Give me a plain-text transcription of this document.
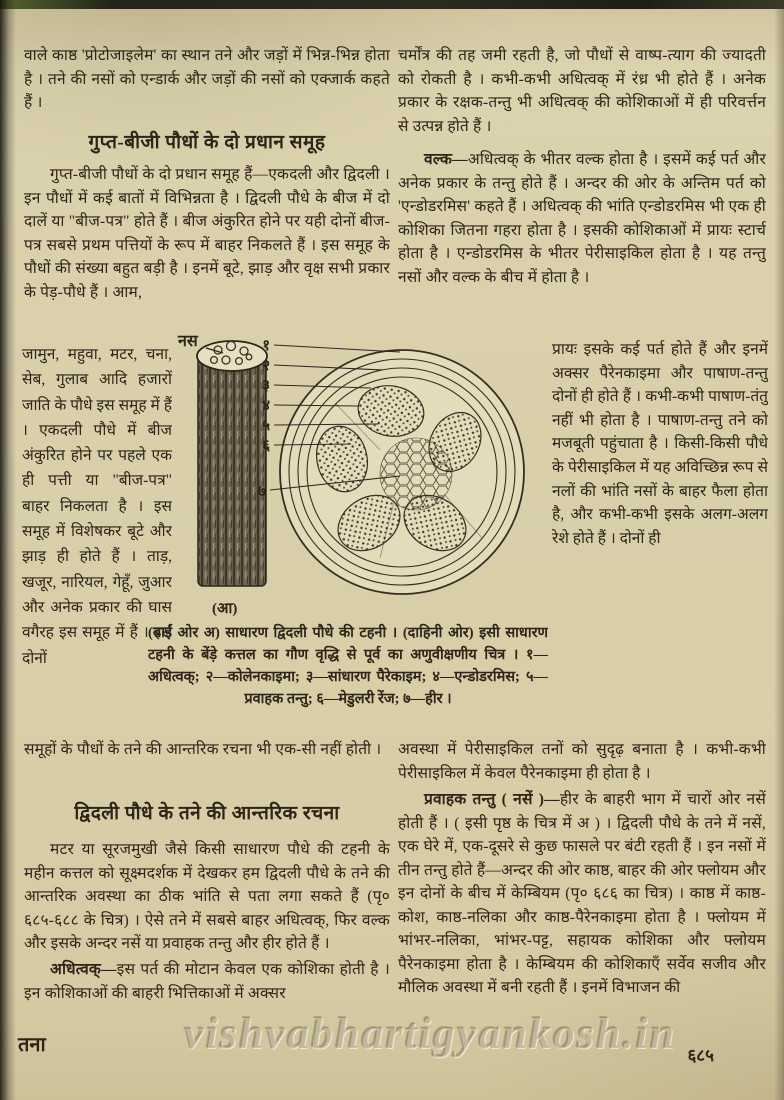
वाले काष्ठ 'प्रोटोजाइलेम' का स्थान तने और जड़ों में भिन्न-भिन्न होता है । तने की नसों को एन्डार्क और जड़ों की नसों को एक्जार्क कहते हैं ।
गुप्त-बीजी पौधों के दो प्रधान समूह
गुप्त-बीजी पौधों के दो प्रधान समूह हैं—एकदली और द्विदली । इन पौधों में कई बातों में विभिन्नता है । द्विदली पौधे के बीज में दो दालें या "बीज-पत्र" होते हैं । बीज अंकुरित होने पर यही दोनों बीज-पत्र सबसे प्रथम पत्तियों के रूप में बाहर निकलते हैं । इस समूह के पौधों की संख्या बहुत बड़ी है । इनमें बूटे, झाड़ और वृक्ष सभी प्रकार के पेड़-पौधे हैं । आम,
जामुन, महुवा, मटर, चना, सेब, गुलाब आदि हजारों जाति के पौधे इस समूह में हैं । एकदली पौधे में बीज अंकुरित होने पर पहले एक ही पत्ती या "बीज-पत्र" बाहर निकलता है । इस समूह में विशेषकर बूटे और झाड़ ही होते हैं । ताड़, खजूर, नारियल, गेहूँ, जुआर और अनेक प्रकार की घास वगैरह इस समूह में हैं । इस दोनों
नस
(आ)
१
२
३
४
५
६
७
(बाईं ओर अ) साधारण द्विदली पौधे की टहनी । (दाहिनी ओर) इसी साधारण टहनी के बेंड़े कत्तल का गौण वृद्धि से पूर्व का अणुवीक्षणीय चित्र । १—अधित्वक्; २—कोलेनकाइमा; ३—सांधारण पैरेकाइम; ४—एन्डोडरमिस; ५—प्रवाहक तन्तु; ६—मेडुलरी रेंज; ७—हीर ।
समूहों के पौधों के तने की आन्तरिक रचना भी एक-सी नहीं होती ।
द्विदली पौधे के तने की आन्तरिक रचना
मटर या सूरजमुखी जैसे किसी साधारण पौधे की टहनी के महीन कत्तल को सूक्ष्मदर्शक में देखकर हम द्विदली पौधे के तने की आन्तरिक अवस्था का ठीक भांति से पता लगा सकते हैं (पृ० ६८५-६८८ के चित्र) । ऐसे तने में सबसे बाहर अधित्वक्, फिर वल्क और इसके अन्दर नसें या प्रवाहक तन्तु और हीर होते हैं ।
अधित्वक्—इस पर्त की मोटान केवल एक कोशिका होती है । इन कोशिकाओं की बाहरी भित्तिकाओं में अक्सर
चर्मोंत्र की तह जमी रहती है, जो पौधों से वाष्प-त्याग की ज्यादती को रोकती है । कभी-कभी अधित्वक् में रंध्र भी होते हैं । अनेक प्रकार के रक्षक-तन्तु भी अधित्वक् की कोशिकाओं में ही परिवर्त्तन से उत्पन्न होते हैं ।
वल्क—अधित्वक् के भीतर वल्क होता है । इसमें कई पर्त और अनेक प्रकार के तन्तु होते हैं । अन्दर की ओर के अन्तिम पर्त को 'एन्डोडरमिस' कहते हैं । अधित्वक् की भांति एन्डोडरमिस भी एक ही कोशिका जितना गहरा होता है । इसकी कोशिकाओं में प्रायः स्टार्च होता है । एन्डोडरमिस के भीतर पेरीसाइकिल होता है । यह तन्तु नसों और वल्क के बीच में होता है ।
प्रायः इसके कई पर्त होते हैं और इनमें अक्सर पैरेनकाइमा और पाषाण-तन्तु दोनों ही होते हैं । कभी-कभी पाषाण-तंतु नहीं भी होता है । पाषाण-तन्तु तने को मजबूती पहुंचाता है । किसी-किसी पौधे के पेरीसाइकिल में यह अविच्छिन्न रूप से नलों की भांति नसों के बाहर फैला होता है, और कभी-कभी इसके अलग-अलग रेशे होते हैं । दोनों ही
अवस्था में पेरीसाइकिल तनों को सुदृढ़ बनाता है । कभी-कभी पेरीसाइकिल में केवल पैरेनकाइमा ही होता है ।
प्रवाहक तन्तु ( नसें )—हीर के बाहरी भाग में चारों ओर नसें होती हैं । ( इसी पृष्ठ के चित्र में अ ) । द्विदली पौधे के तने में नसें, एक घेरे में, एक-दूसरे से कुछ फासले पर बंटी रहती हैं । इन नसों में तीन तन्तु होते हैं—अन्दर की ओर काष्ठ, बाहर की ओर फ्लोयम और इन दोनों के बीच में केम्बियम (पृ० ६८६ का चित्र) । काष्ठ में काष्ठ-कोश, काष्ठ-नलिका और काष्ठ-पैरेनकाइमा होता है । फ्लोयम में भांभर-नलिका, भांभर-पट्ट, सहायक कोशिका और फ्लोयम पैरेनकाइमा होता है । केम्बियम की कोशिकाएँ सर्वेव सजीव और मौलिक अवस्था में बनी रहती हैं । इनमें विभाजन की
तना	vishvabhartigyankosh.in ६८५
